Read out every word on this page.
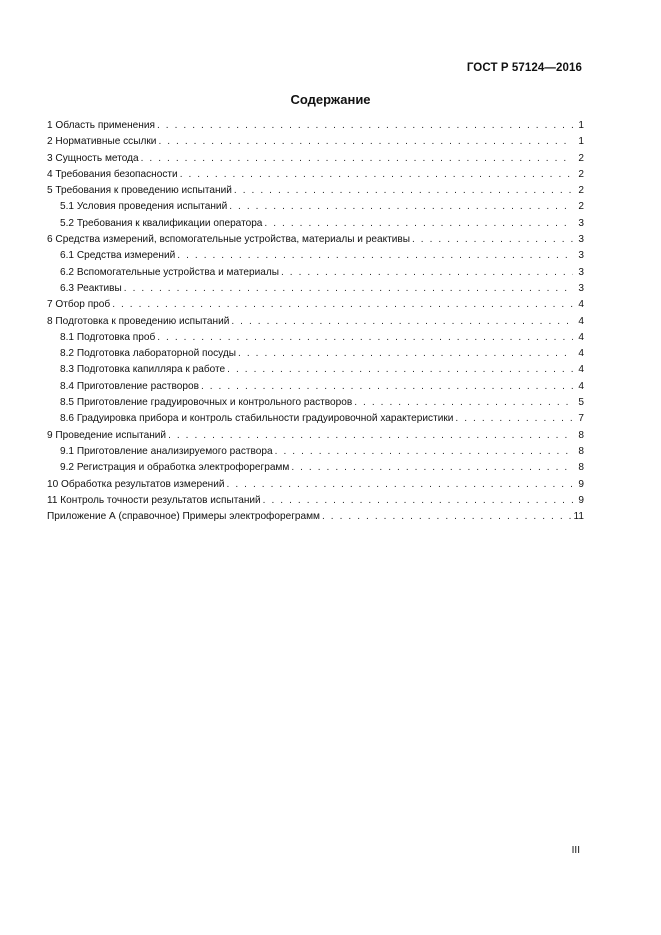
ГОСТ Р 57124—2016
Содержание
1 Область применения . . .	1
2 Нормативные ссылки . . .	1
3 Сущность метода . . .	2
4 Требования безопасности . . .	2
5 Требования к проведению испытаний . . .	2
5.1 Условия проведения испытаний . . .	2
5.2 Требования к квалификации оператора . . .	3
6 Средства измерений, вспомогательные устройства, материалы и реактивы . . .	3
6.1 Средства измерений . . .	3
6.2 Вспомогательные устройства и материалы . . .	3
6.3 Реактивы . . .	3
7 Отбор проб . . .	4
8 Подготовка к проведению испытаний . . .	4
8.1 Подготовка проб . . .	4
8.2 Подготовка лабораторной посуды . . .	4
8.3 Подготовка капилляра к работе . . .	4
8.4 Приготовление растворов . . .	4
8.5 Приготовление градуировочных и контрольного растворов . . .	5
8.6 Градуировка прибора и контроль стабильности градуировочной характеристики . . .	7
9 Проведение испытаний . . .	8
9.1 Приготовление анализируемого раствора . . .	8
9.2 Регистрация и обработка электрофореграмм . . .	8
10 Обработка результатов измерений . . .	9
11 Контроль точности результатов испытаний . . .	9
Приложение А (справочное) Примеры электрофореграмм . . .	11
III
